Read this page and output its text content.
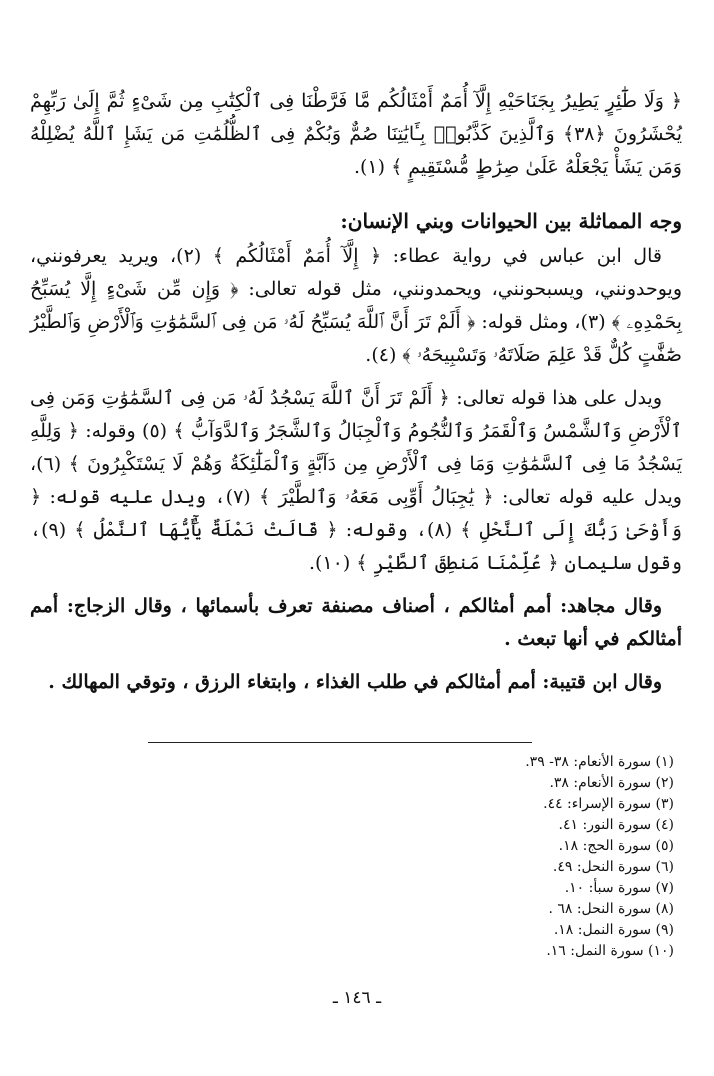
﴿ وَلَا طَٰٓئِرٍ يَطِيرُ بِجَنَاحَيْهِ إِلَّآ أُمَمٌ أَمْثَالُكُم مَّا فَرَّطْنَا فِى ٱلْكِتَٰبِ مِن شَىْءٍ ثُمَّ إِلَىٰ رَبِّهِمْ يُحْشَرُونَ ﴿٣٨﴾ وَٱلَّذِينَ كَذَّبُوا۟ بِـَٔايَٰتِنَا صُمٌّ وَبُكْمٌ فِى ٱلظُّلُمَٰتِ مَن يَشَإِ ٱللَّهُ يُضْلِلْهُ وَمَن يَشَأْ يَجْعَلْهُ عَلَىٰ صِرَٰطٍ مُّسْتَقِيمٍ ﴾ (١).

وجه المماثلة بين الحيوانات وبني الإنسان:

قال ابن عباس في رواية عطاء: ﴿ إِلَّآ أُمَمٌ أَمْثَالُكُم ﴾ (٢)، ويريد يعرفونني، ويوحدونني، ويسبحونني، ويحمدونني، مثل قوله تعالى: ﴿ وَإِن مِّن شَىْءٍ إِلَّا يُسَبِّحُ بِحَمْدِهِۦ ﴾ (٣)، ومثل قوله: ﴿ أَلَمْ تَرَ أَنَّ ٱللَّهَ يُسَبِّحُ لَهُۥ مَن فِى ٱلسَّمَٰوَٰتِ وَٱلْأَرْضِ وَٱلطَّيْرُ صَٰٓفَّٰتٍ كُلٌّ قَدْ عَلِمَ صَلَاتَهُۥ وَتَسْبِيحَهُۥ ﴾ (٤).

ويدل على هذا قوله تعالى: ﴿ أَلَمْ تَرَ أَنَّ ٱللَّهَ يَسْجُدُ لَهُۥ مَن فِى ٱلسَّمَٰوَٰتِ وَمَن فِى ٱلْأَرْضِ وَٱلشَّمْسُ وَٱلْقَمَرُ وَٱلنُّجُومُ وَٱلْجِبَالُ وَٱلشَّجَرُ وَٱلدَّوَآبُّ ﴾ (٥) وقوله: ﴿ وَلِلَّهِ يَسْجُدُ مَا فِى ٱلسَّمَٰوَٰتِ وَمَا فِى ٱلْأَرْضِ مِن دَآبَّةٍ وَٱلْمَلَٰٓئِكَةُ وَهُمْ لَا يَسْتَكْبِرُونَ ﴾ (٦)، ويدل عليه قوله تعالى: ﴿ يَٰجِبَالُ أَوِّبِى مَعَهُۥ وَٱلطَّيْرَ ﴾ (٧)، ويدل عليه قوله: ﴿ وَأَوْحَىٰ رَبُّكَ إِلَى ٱلنَّحْلِ ﴾ (٨)، وقوله: ﴿ قَالَتْ نَمْلَةٌ يَٰٓأَيُّهَا ٱلنَّمْلُ ﴾ (٩)، وقول سليمان ﴿ عُلِّمْنَا مَنطِقَ ٱلطَّيْرِ ﴾ (١٠).

وقال مجاهد: أمم أمثالكم ، أصناف مصنفة تعرف بأسمائها ، وقال الزجاج: أمم أمثالكم في أنها تبعث .

وقال ابن قتيبة: أمم أمثالكم في طلب الغذاء ، وابتغاء الرزق ، وتوقي المهالك .

(١) سورة الأنعام: ٣٨- ٣٩.

(٢) سورة الأنعام: ٣٨.

(٣) سورة الإسراء: ٤٤.

(٤) سورة النور: ٤١.

(٥) سورة الحج: ١٨.

(٦) سورة النحل: ٤٩.

(٧) سورة سبأ: ١٠.

(٨) سورة النحل: ٦٨ .

(٩) سورة النمل: ١٨.

(١٠) سورة النمل: ١٦.

ـ ١٤٦ ـ
